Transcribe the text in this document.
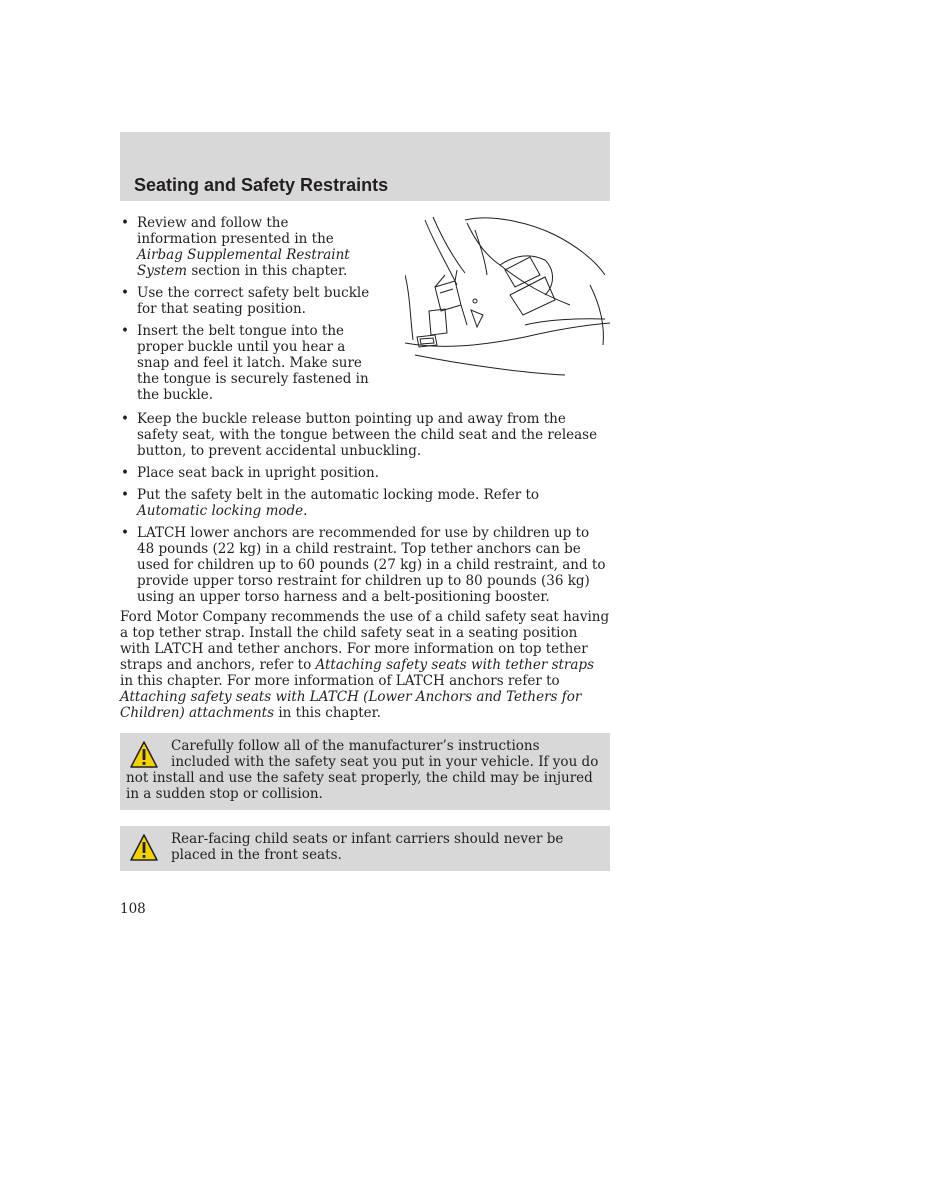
Seating and Safety Restraints
• Review and follow the information presented in the Airbag Supplemental Restraint System section in this chapter.
• Use the correct safety belt buckle for that seating position.
• Insert the belt tongue into the proper buckle until you hear a snap and feel it latch. Make sure the tongue is securely fastened in the buckle.
• Keep the buckle release button pointing up and away from the safety seat, with the tongue between the child seat and the release button, to prevent accidental unbuckling.
• Place seat back in upright position.
• Put the safety belt in the automatic locking mode. Refer to Automatic locking mode.
• LATCH lower anchors are recommended for use by children up to 48 pounds (22 kg) in a child restraint. Top tether anchors can be used for children up to 60 pounds (27 kg) in a child restraint, and to provide upper torso restraint for children up to 80 pounds (36 kg) using an upper torso harness and a belt-positioning booster.

Ford Motor Company recommends the use of a child safety seat having a top tether strap. Install the child safety seat in a seating position with LATCH and tether anchors. For more information on top tether straps and anchors, refer to Attaching safety seats with tether straps in this chapter. For more information of LATCH anchors refer to Attaching safety seats with LATCH (Lower Anchors and Tethers for Children) attachments in this chapter.

Carefully follow all of the manufacturer’s instructions included with the safety seat you put in your vehicle. If you do not install and use the safety seat properly, the child may be injured in a sudden stop or collision.
Rear-facing child seats or infant carriers should never be placed in the front seats.
108
